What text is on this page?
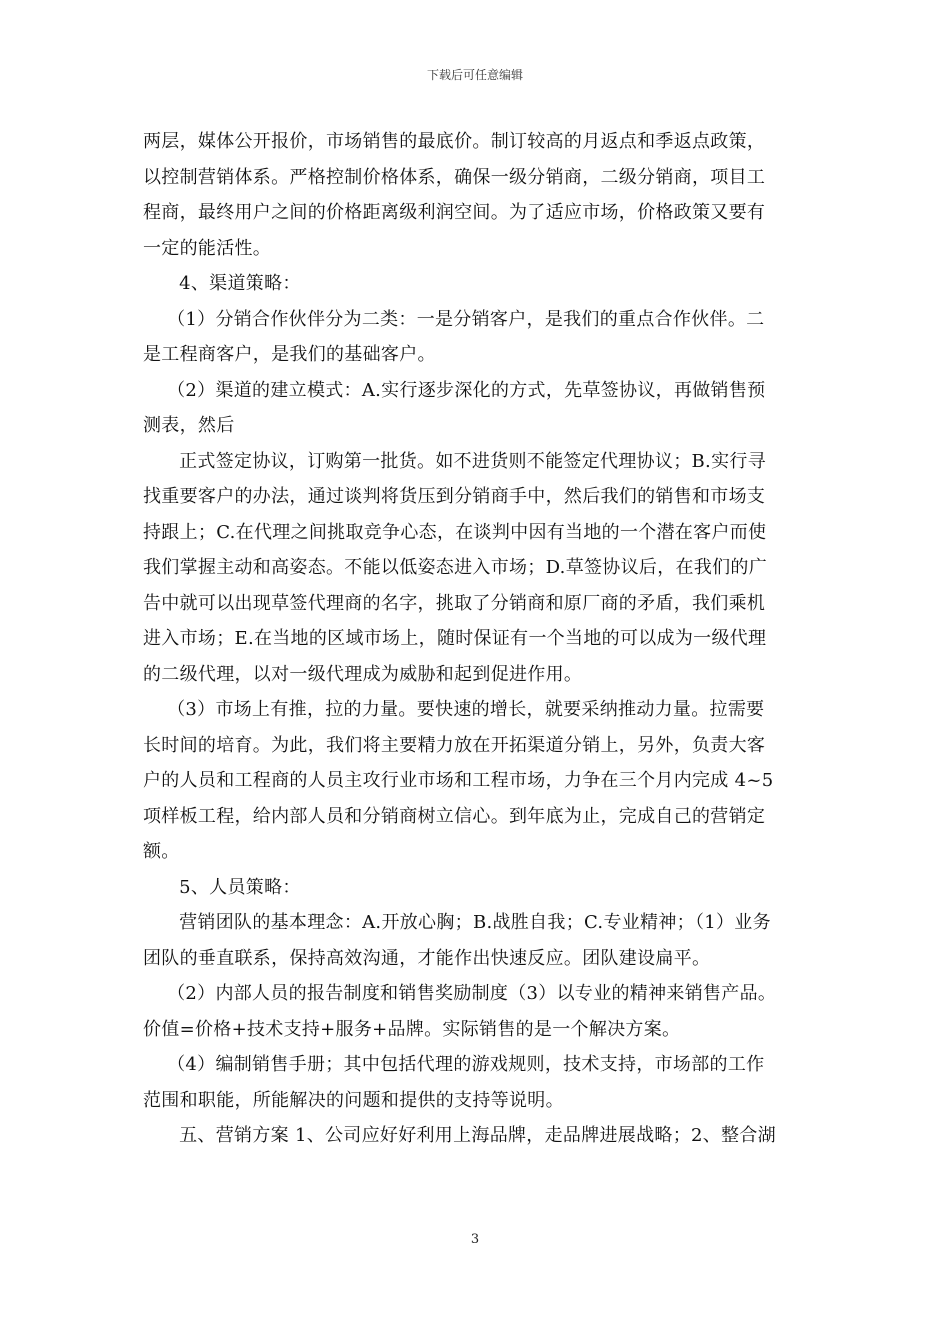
下载后可任意编辑

两层，媒体公开报价，市场销售的最底价。制订较高的月返点和季返点政策，

以控制营销体系。严格控制价格体系，确保一级分销商，二级分销商，项目工

程商，最终用户之间的价格距离级利润空间。为了适应市场，价格政策又要有

一定的能活性。

4、渠道策略：

（1）分销合作伙伴分为二类：一是分销客户，是我们的重点合作伙伴。二

是工程商客户，是我们的基础客户。

（2）渠道的建立模式：A.实行逐步深化的方式，先草签协议，再做销售预

测表，然后

正式签定协议，订购第一批货。如不进货则不能签定代理协议；B.实行寻

找重要客户的办法，通过谈判将货压到分销商手中，然后我们的销售和市场支

持跟上；C.在代理之间挑取竞争心态，在谈判中因有当地的一个潜在客户而使

我们掌握主动和高姿态。不能以低姿态进入市场；D.草签协议后，在我们的广

告中就可以出现草签代理商的名字，挑取了分销商和原厂商的矛盾，我们乘机

进入市场；E.在当地的区域市场上，随时保证有一个当地的可以成为一级代理

的二级代理，以对一级代理成为威胁和起到促进作用。

（3）市场上有推，拉的力量。要快速的增长，就要采纳推动力量。拉需要

长时间的培育。为此，我们将主要精力放在开拓渠道分销上，另外，负责大客

户的人员和工程商的人员主攻行业市场和工程市场，力争在三个月内完成 4~5

项样板工程，给内部人员和分销商树立信心。到年底为止，完成自己的营销定

额。

5、人员策略：

营销团队的基本理念：A.开放心胸；B.战胜自我；C.专业精神；（1）业务

团队的垂直联系，保持高效沟通，才能作出快速反应。团队建设扁平。

（2）内部人员的报告制度和销售奖励制度（3）以专业的精神来销售产品。

价值=价格+技术支持+服务+品牌。实际销售的是一个解决方案。

（4）编制销售手册；其中包括代理的游戏规则，技术支持，市场部的工作

范围和职能，所能解决的问题和提供的支持等说明。

五、营销方案 1、公司应好好利用上海品牌，走品牌进展战略；2、整合湖

3
